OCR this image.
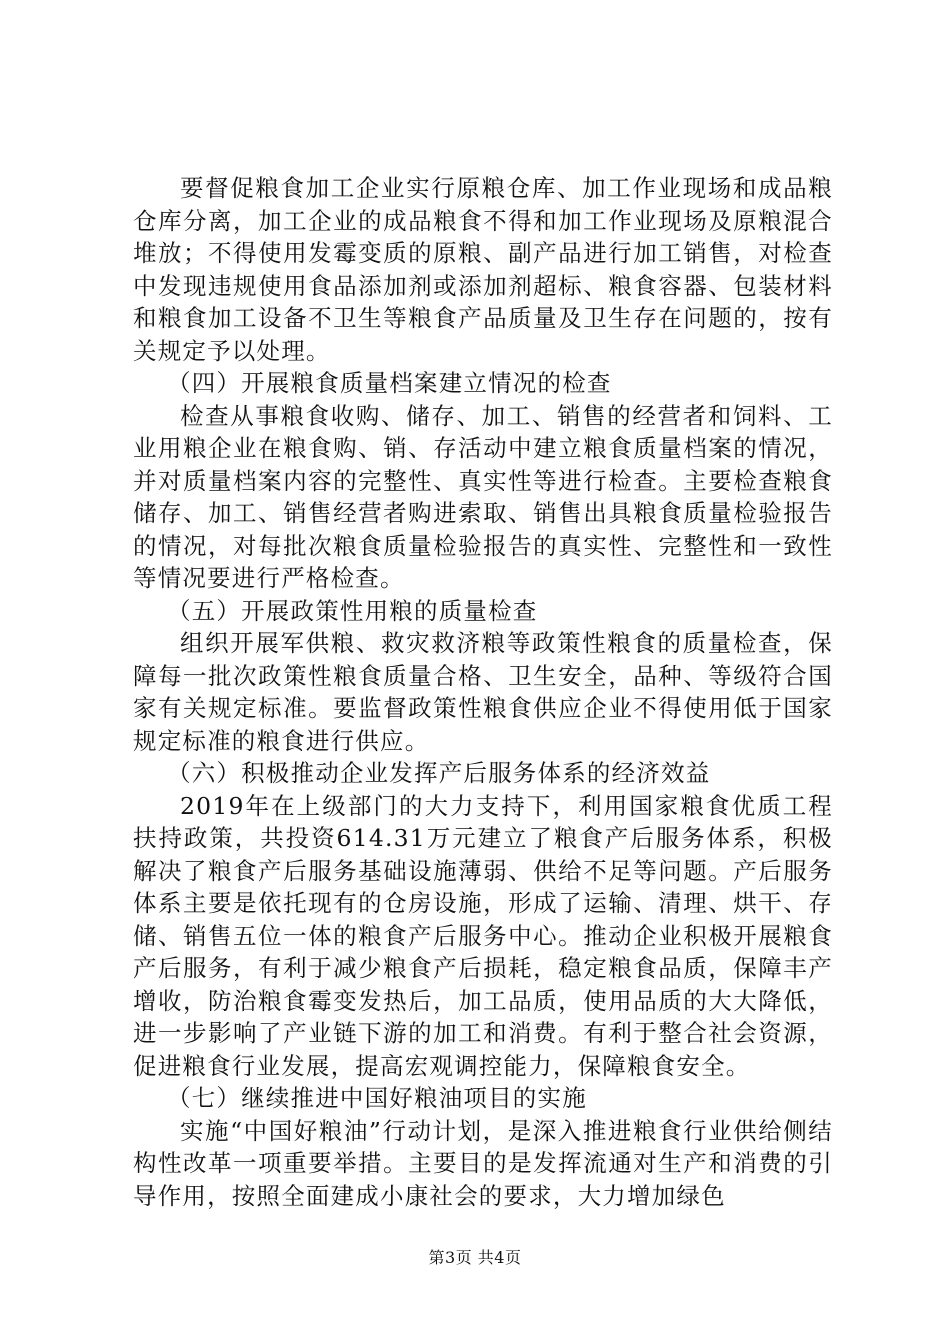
要督促粮食加工企业实行原粮仓库、加工作业现场和成品粮仓库分离，加工企业的成品粮食不得和加工作业现场及原粮混合堆放；不得使用发霉变质的原粮、副产品进行加工销售，对检查中发现违规使用食品添加剂或添加剂超标、粮食容器、包装材料和粮食加工设备不卫生等粮食产品质量及卫生存在问题的，按有关规定予以处理。

（四）开展粮食质量档案建立情况的检查

检查从事粮食收购、储存、加工、销售的经营者和饲料、工业用粮企业在粮食购、销、存活动中建立粮食质量档案的情况，并对质量档案内容的完整性、真实性等进行检查。主要检查粮食储存、加工、销售经营者购进索取、销售出具粮食质量检验报告的情况，对每批次粮食质量检验报告的真实性、完整性和一致性等情况要进行严格检查。

（五）开展政策性用粮的质量检查

组织开展军供粮、救灾救济粮等政策性粮食的质量检查，保障每一批次政策性粮食质量合格、卫生安全，品种、等级符合国家有关规定标准。要监督政策性粮食供应企业不得使用低于国家规定标准的粮食进行供应。

（六）积极推动企业发挥产后服务体系的经济效益

2019年在上级部门的大力支持下，利用国家粮食优质工程扶持政策，共投资614.31万元建立了粮食产后服务体系，积极解决了粮食产后服务基础设施薄弱、供给不足等问题。产后服务体系主要是依托现有的仓房设施，形成了运输、清理、烘干、存储、销售五位一体的粮食产后服务中心。推动企业积极开展粮食产后服务，有利于减少粮食产后损耗，稳定粮食品质，保障丰产增收，防治粮食霉变发热后，加工品质，使用品质的大大降低，进一步影响了产业链下游的加工和消费。有利于整合社会资源，促进粮食行业发展，提高宏观调控能力，保障粮食安全。

（七）继续推进中国好粮油项目的实施

实施“中国好粮油”行动计划，是深入推进粮食行业供给侧结构性改革一项重要举措。主要目的是发挥流通对生产和消费的引导作用，按照全面建成小康社会的要求，大力增加绿色

第3页 共4页
